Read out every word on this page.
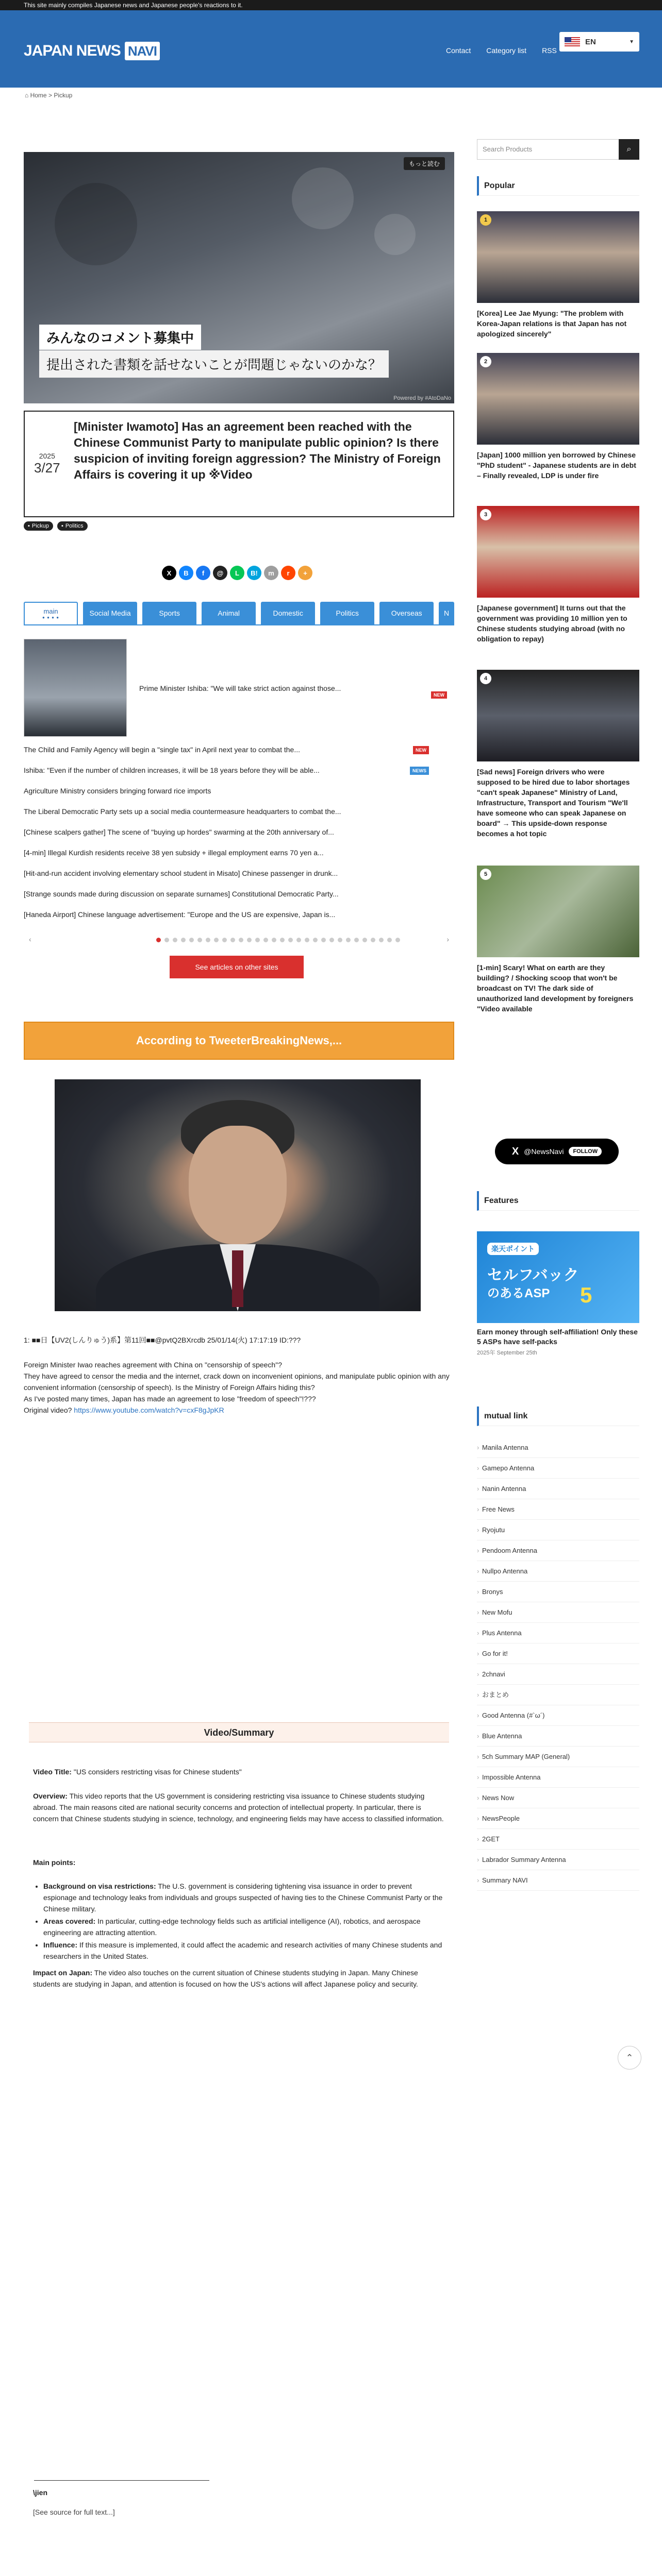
This site mainly compiles Japanese news and Japanese people's reactions to it.
JAPAN NEWS NAVI	Contact Category list RSS
EN	▼
⌂ Home > Pickup
もっと読む
みんなのコメント募集中
提出された書類を話せないことが問題じゃないのかな？
Powered by #AtoDaNo
2025
3/27
[Minister Iwamoto] Has an agreement been reached with the Chinese Communist Party to manipulate public opinion? Is there suspicion of inviting foreign aggression? The Ministry of Foreign Affairs is covering it up ※Video
▪ Pickup ▪ Politics
X	B	f	@	L	B!	m	r	+
main
● ● ● ●
Social Media	Sports	Animal	Domestic	Politics	Overseas	N
Prime Minister Ishiba: "We will take strict action against those...
NEW
The Child and Family Agency will begin a "single tax" in April next year to combat the...	NEW
Ishiba: "Even if the number of children increases, it will be 18 years before they will be able...	NEWS
Agriculture Ministry considers bringing forward rice imports
The Liberal Democratic Party sets up a social media countermeasure headquarters to combat the...
[Chinese scalpers gather] The scene of "buying up hordes" swarming at the 20th anniversary of...
[4-min] Illegal Kurdish residents receive 38 yen subsidy + illegal employment earns 70 yen a...
[Hit-and-run accident involving elementary school student in Misato] Chinese passenger in drunk...
[Strange sounds made during discussion on separate surnames] Constitutional Democratic Party...
[Haneda Airport] Chinese language advertisement: "Europe and the US are expensive, Japan is...
‹	›
See articles on other sites
According to TweeterBreakingNews,...
1: ■■日【UV2(しんりゅう)系】第11回■■@pvtQ2BXrcdb 25/01/14(火) 17:17:19 ID:???

Foreign Minister Iwao reaches agreement with China on "censorship of speech"?

They have agreed to censor the media and the internet, crack down on inconvenient opinions, and manipulate public opinion with any convenient information (censorship of speech). Is the Ministry of Foreign Affairs hiding this?

As I've posted many times, Japan has made an agreement to lose "freedom of speech"!???

Original video? https://www.youtube.com/watch?v=cxF8gJpKR

Video/Summary
Video Title: "US considers restricting visas for Chinese students"
Overview: This video reports that the US government is considering restricting visa issuance to Chinese students studying abroad. The main reasons cited are national security concerns and protection of intellectual property. In particular, there is concern that Chinese students studying in science, technology, and engineering fields may have access to classified information.
Main points:
• Background on visa restrictions: The U.S. government is considering tightening visa issuance in order to prevent espionage and technology leaks from individuals and groups suspected of having ties to the Chinese Communist Party or the Chinese military.
• Areas covered: In particular, cutting-edge technology fields such as artificial intelligence (AI), robotics, and aerospace engineering are attracting attention.
• Influence: If this measure is implemented, it could affect the academic and research activities of many Chinese students and researchers in the United States.
Impact on Japan: The video also touches on the current situation of Chinese students studying in Japan. Many Chinese students are studying in Japan, and attention is focused on how the US's actions will affect Japanese policy and security.
\jien
[See source for full text...]
Search Products	⌕
Popular
1
[Korea] Lee Jae Myung: "The problem with Korea-Japan relations is that Japan has not apologized sincerely"
2
[Japan] 1000 million yen borrowed by Chinese "PhD student" - Japanese students are in debt – Finally revealed, LDP is under fire
3
[Japanese government] It turns out that the government was providing 10 million yen to Chinese students studying abroad (with no obligation to repay)
4
[Sad news] Foreign drivers who were supposed to be hired due to labor shortages "can't speak Japanese" Ministry of Land, Infrastructure, Transport and Tourism "We'll have someone who can speak Japanese on board" → This upside-down response becomes a hot topic
5
[1-min] Scary! What on earth are they building? / Shocking scoop that won't be broadcast on TV! The dark side of unauthorized land development by foreigners "Video available
X @NewsNavi	FOLLOW
Features
楽天ポイント
セルフバック
のあるASP 5
Earn money through self-affiliation! Only these 5 ASPs have self-packs
2025年 September 25th
mutual link
› Manila Antenna
› Gamepo Antenna
› Nanin Antenna
› Free News
› Ryojutu
› Pendoom Antenna
› Nullpo Antenna
› Bronys
› New Mofu
› Plus Antenna
› Go for it!
› 2chnavi
› おまとめ
› Good Antenna (#`ω´)
› Blue Antenna
› 5ch Summary MAP (General)
› Impossible Antenna
› News Now
› NewsPeople
› 2GET
› Labrador Summary Antenna
› Summary NAVI
⌃
